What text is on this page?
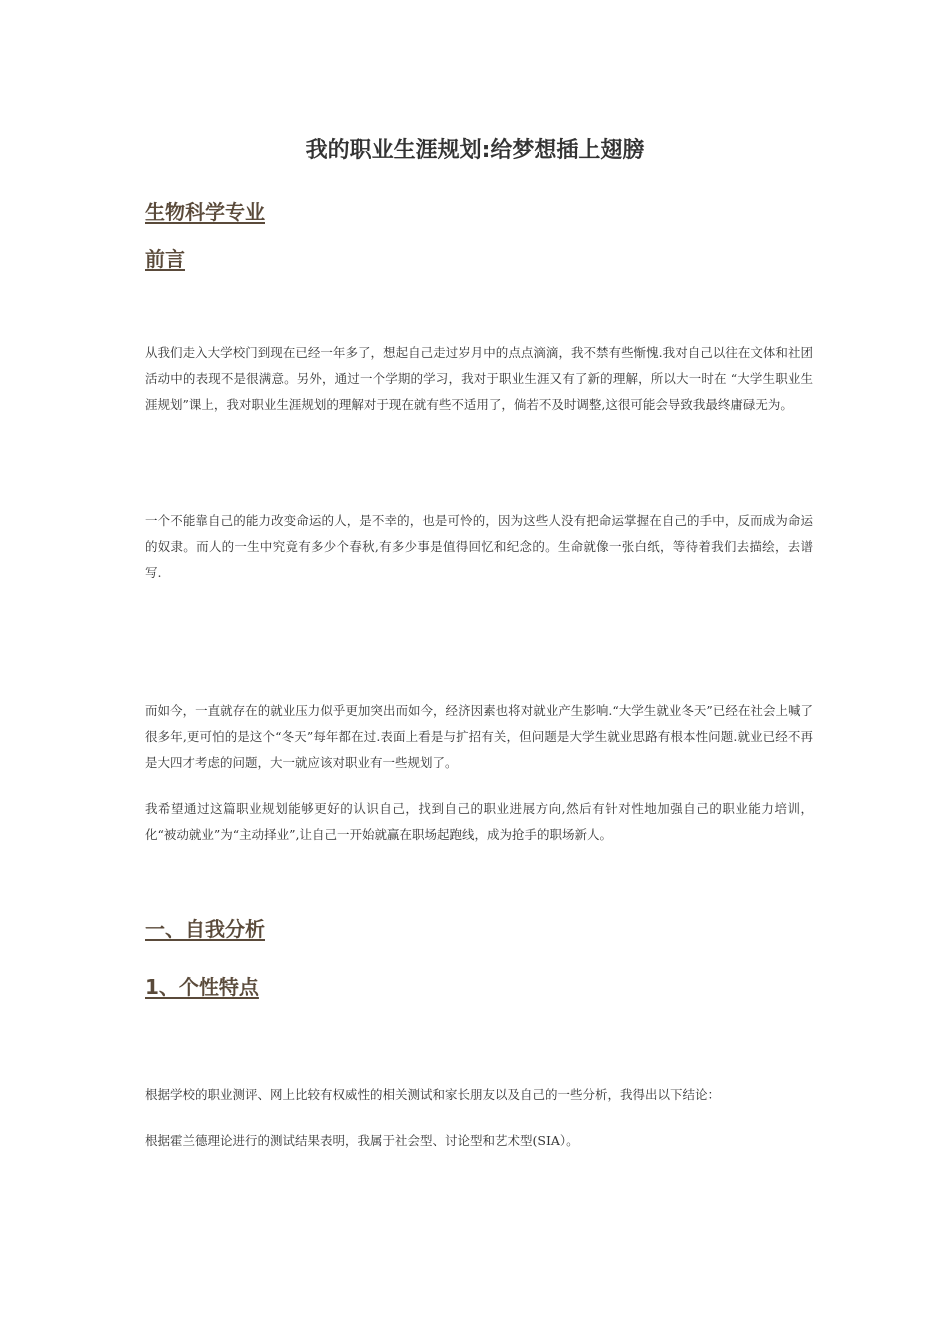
我的职业生涯规划:给梦想插上翅膀
生物科学专业
前言

从我们走入大学校门到现在已经一年多了，想起自己走过岁月中的点点滴滴，我不禁有些惭愧.我对自己以往在文体和社团活动中的表现不是很满意。另外，通过一个学期的学习，我对于职业生涯又有了新的理解，所以大一时在 “大学生职业生涯规划”课上，我对职业生涯规划的理解对于现在就有些不适用了，倘若不及时调整,这很可能会导致我最终庸碌无为。

一个不能靠自己的能力改变命运的人，是不幸的，也是可怜的，因为这些人没有把命运掌握在自己的手中，反而成为命运的奴隶。而人的一生中究竟有多少个春秋,有多少事是值得回忆和纪念的。生命就像一张白纸，等待着我们去描绘，去谱写.

而如今，一直就存在的就业压力似乎更加突出而如今，经济因素也将对就业产生影响.“大学生就业冬天”已经在社会上喊了很多年,更可怕的是这个“冬天”每年都在过.表面上看是与扩招有关，但问题是大学生就业思路有根本性问题.就业已经不再是大四才考虑的问题，大一就应该对职业有一些规划了。

我希望通过这篇职业规划能够更好的认识自己，找到自己的职业进展方向,然后有针对性地加强自己的职业能力培训，化“被动就业”为“主动择业”,让自己一开始就赢在职场起跑线，成为抢手的职场新人。

一、自我分析
1、个性特点

根据学校的职业测评、网上比较有权威性的相关测试和家长朋友以及自己的一些分析，我得出以下结论：

根据霍兰德理论进行的测试结果表明，我属于社会型、讨论型和艺术型(SIA）。
